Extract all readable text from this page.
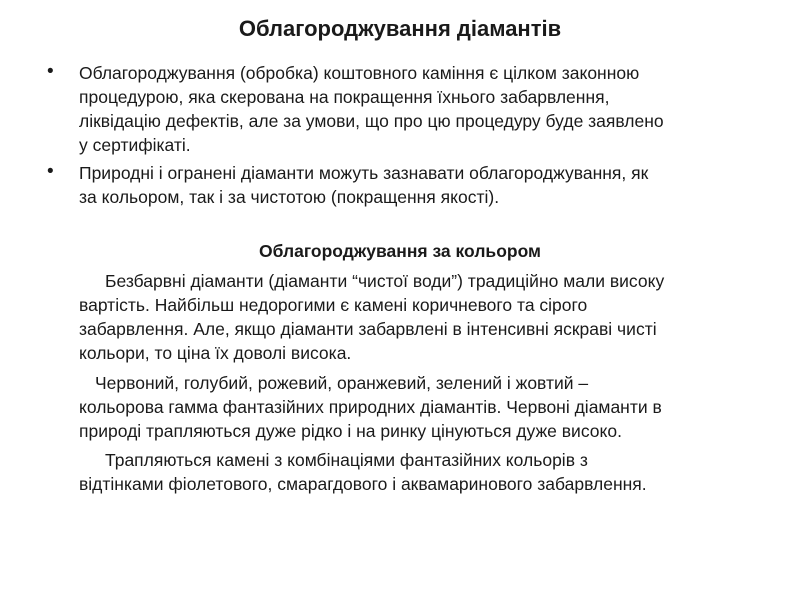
Облагороджування діамантів
• Облагороджування (обробка) коштовного каміння є цілком законною
процедурою, яка скерована на покращення їхнього забарвлення,
ліквідацію дефектів, але за умови, що про цю процедуру буде заявлено
у сертифікаті.
• Природні і огранені діаманти можуть зазнавати облагороджування, як
за кольором, так і за чистотою (покращення якості).
Облагороджування за кольором
Безбарвні діаманти (діаманти “чистої води”) традиційно мали високу
вартість. Найбільш недорогими є камені коричневого та сірого
забарвлення. Але, якщо діаманти забарвлені в інтенсивні яскраві чисті
кольори, то ціна їх доволі висока.
Червоний, голубий, рожевий, оранжевий, зелений і жовтий –
кольорова гамма фантазійних природних діамантів. Червоні діаманти в
природі трапляються дуже рідко і на ринку цінуються дуже високо.
Трапляються камені з комбінаціями фантазійних кольорів з
відтінками фіолетового, смарагдового і аквамаринового забарвлення.
